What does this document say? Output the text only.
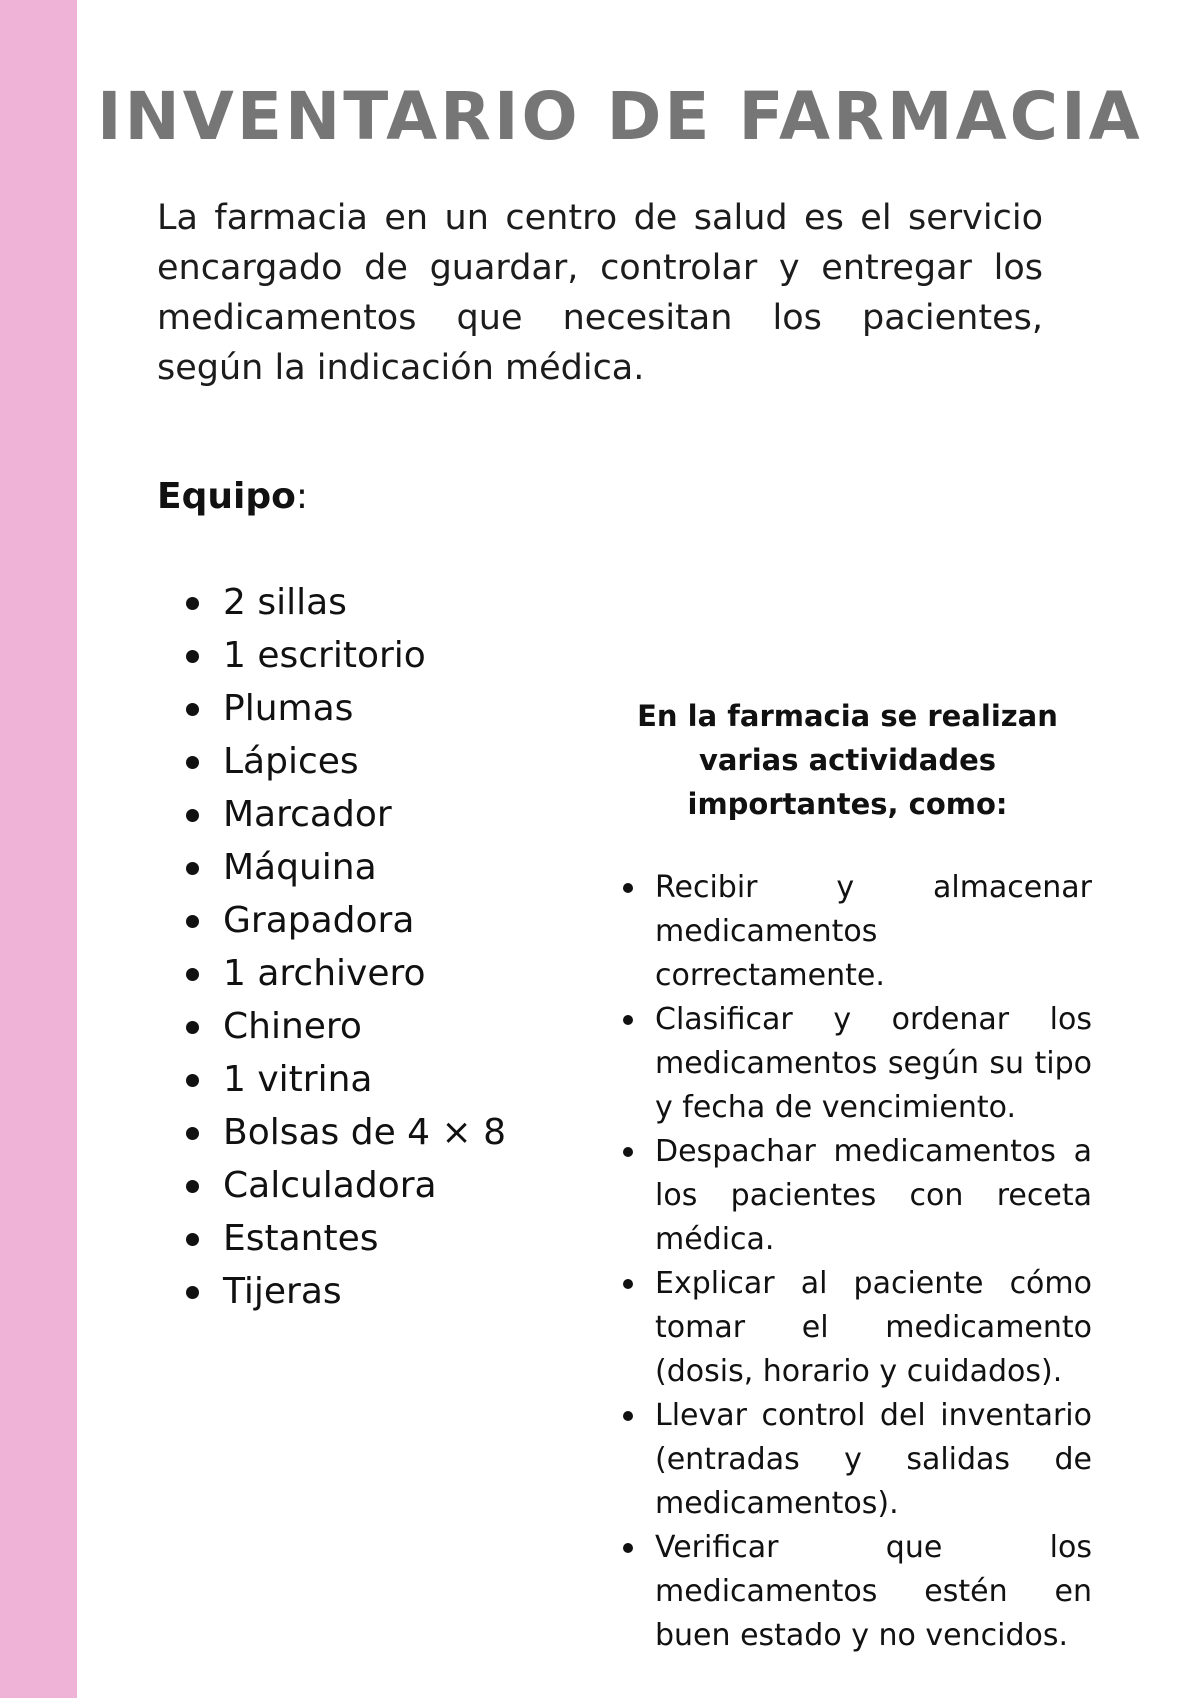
INVENTARIO DE FARMACIA

La farmacia en un centro de salud es el servicio encargado de guardar, controlar y entregar los medicamentos que necesitan los pacientes, según la indicación médica.

Equipo:
2 sillas
1 escritorio
Plumas
Lápices
Marcador
Máquina
Grapadora
1 archivero
Chinero
1 vitrina
Bolsas de 4 × 8
Calculadora
Estantes
Tijeras
En la farmacia se realizan varias actividades importantes, como:
Recibir y almacenar medicamentos correctamente.
Clasificar y ordenar los medicamentos según su tipo y fecha de vencimiento.
Despachar medicamentos a los pacientes con receta médica.
Explicar al paciente cómo tomar el medicamento (dosis, horario y cuidados).
Llevar control del inventario (entradas y salidas de medicamentos).
Verificar que los medicamentos estén en buen estado y no vencidos.
